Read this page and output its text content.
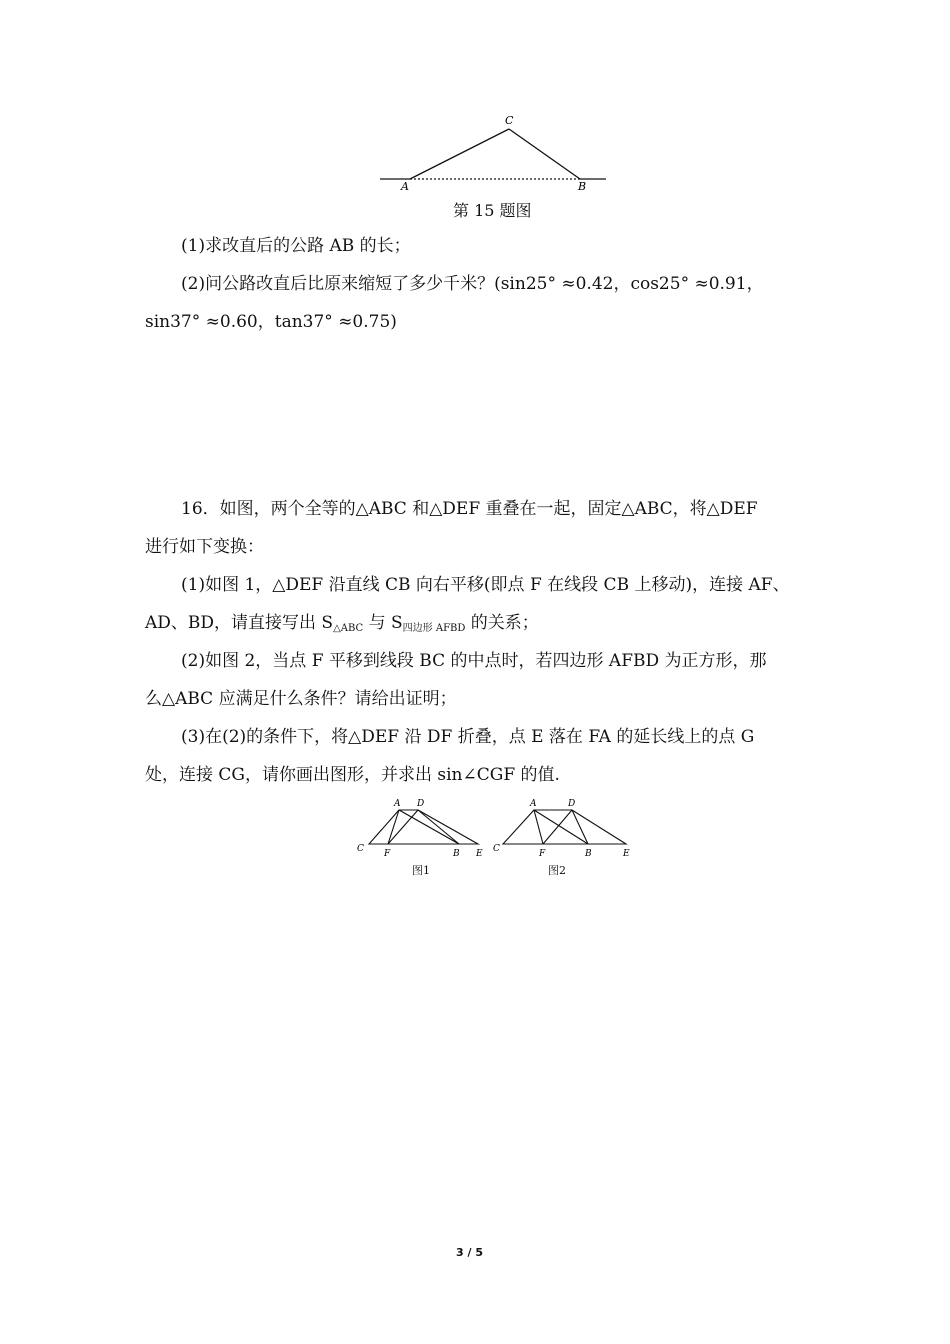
A	B
C
第 15 题图
(1)求改直后的公路 AB 的长；
(2)问公路改直后比原来缩短了多少千米？(sin25° ≈0.42，cos25° ≈0.91，
sin37° ≈0.60，tan37° ≈0.75)
16．如图，两个全等的△ABC 和△DEF 重叠在一起，固定△ABC，将△DEF
进行如下变换：
(1)如图 1，△DEF 沿直线 CB 向右平移(即点 F 在线段 CB 上移动)，连接 AF、
AD、BD，请直接写出 $S_{\triangle ABC}$ 与 $S_{四边形 AFBD}$ 的关系；
(2)如图 2，当点 F 平移到线段 BC 的中点时，若四边形 AFBD 为正方形，那
么△ABC 应满足什么条件？请给出证明；
(3)在(2)的条件下，将△DEF 沿 DF 折叠，点 E 落在 FA 的延长线上的点 G
处，连接 CG，请你画出图形，并求出 sin∠CGF 的值.
A D
C F	B E
图1
A	D
C	F	B	E
图2
3 / 5
